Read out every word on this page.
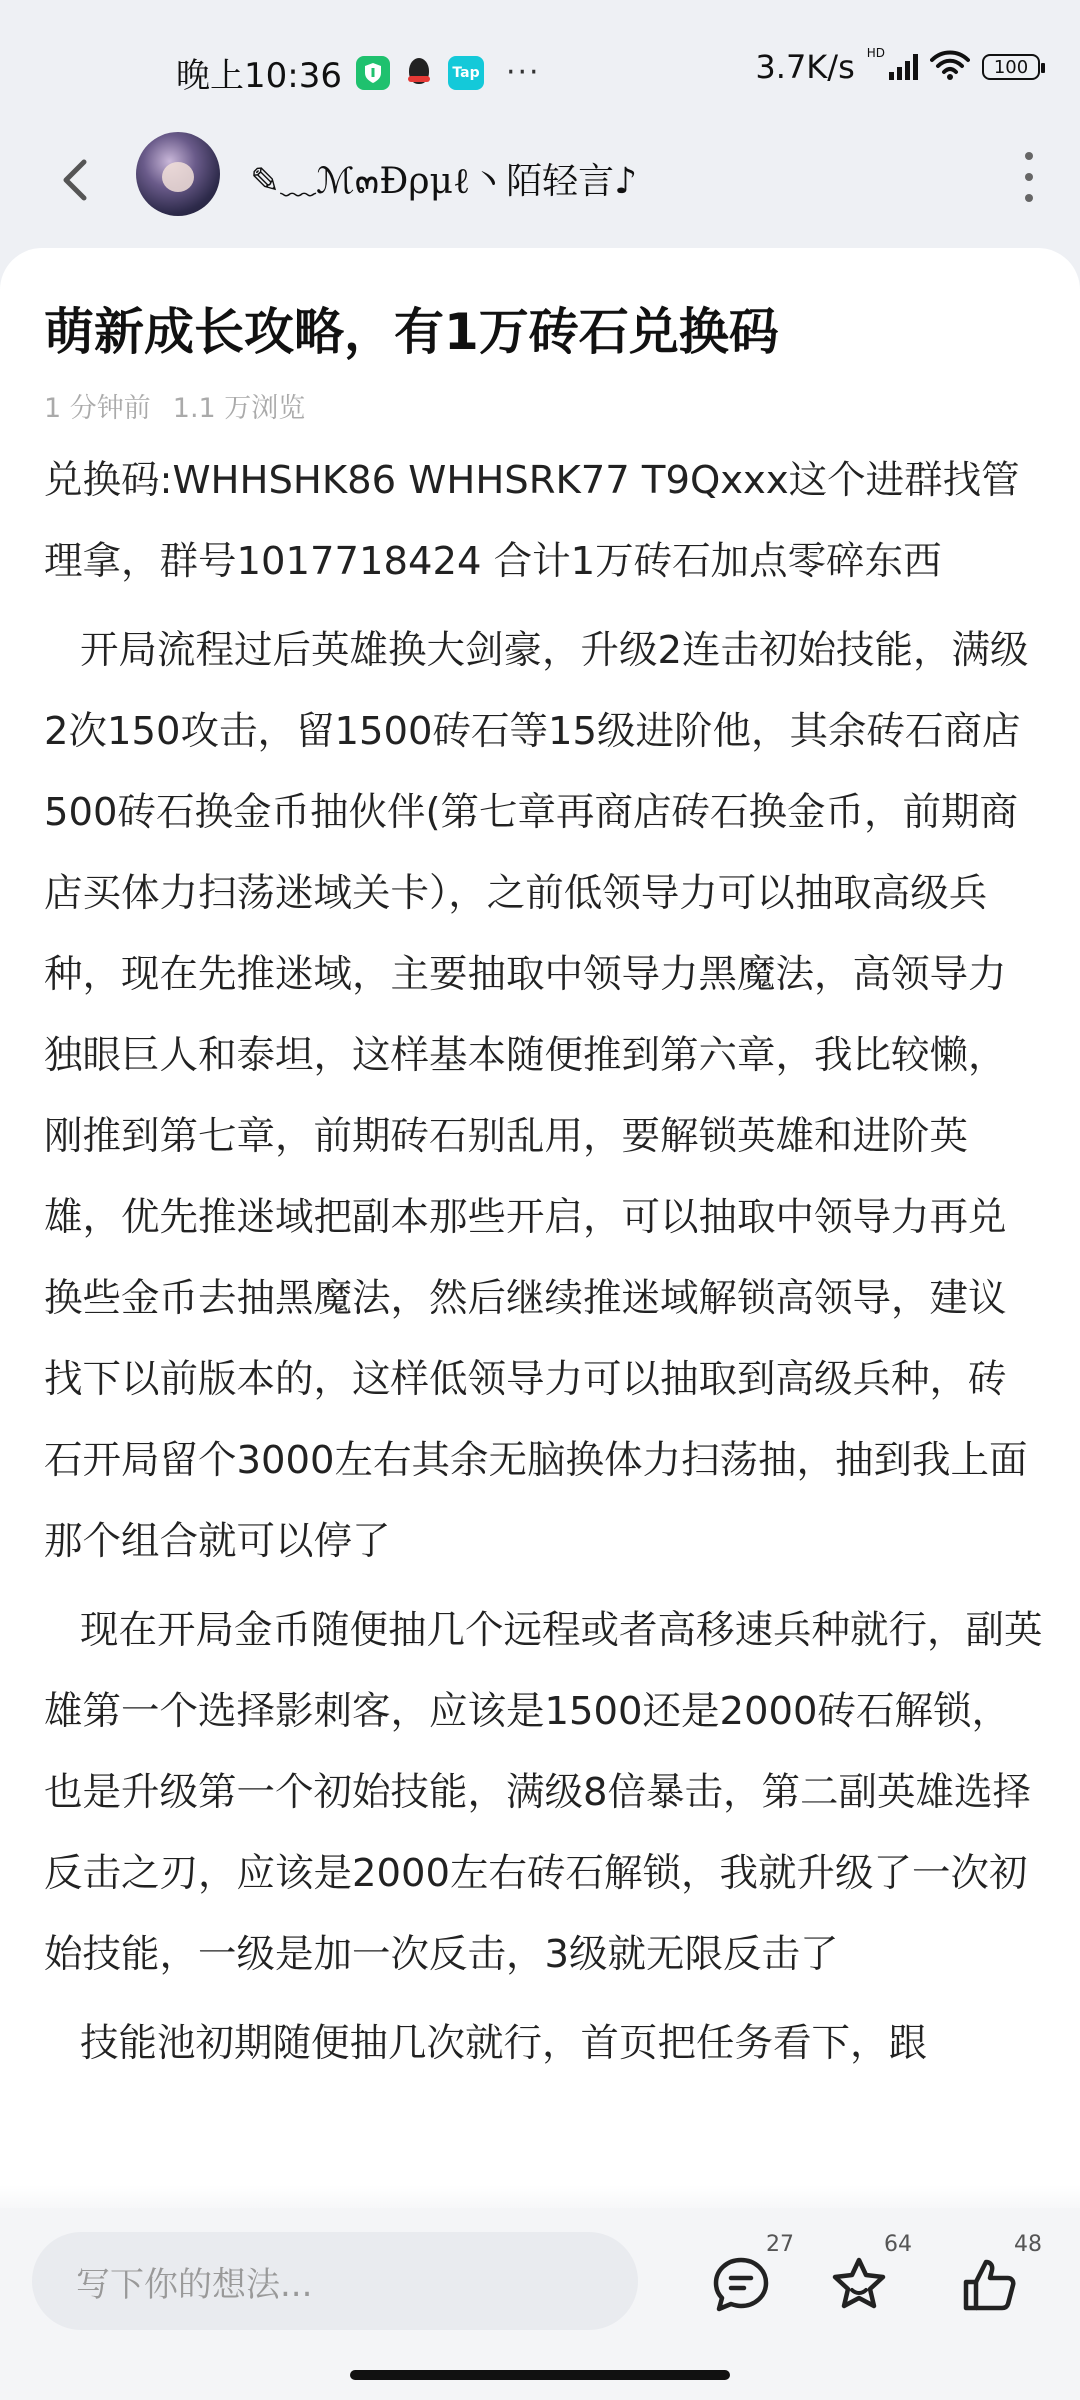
晚上10:36	Tap ···	3.7K/s HD
100
✎﹏ℳ๓Ðρμℓ丶陌轻言♪
萌新成长攻略，有1万砖石兑换码
1 分钟前 1.1 万浏览

兑换码:WHHSHK86 WHHSRK77 T9Qxxx这个进群找管理拿，群号1017718424 合计1万砖石加点零碎东西

开局流程过后英雄换大剑豪，升级2连击初始技能，满级2次150攻击，留1500砖石等15级进阶他，其余砖石商店500砖石换金币抽伙伴(第七章再商店砖石换金币，前期商店买体力扫荡迷域关卡），之前低领导力可以抽取高级兵种，现在先推迷域，主要抽取中领导力黑魔法，高领导力独眼巨人和泰坦，这样基本随便推到第六章，我比较懒，刚推到第七章，前期砖石别乱用，要解锁英雄和进阶英雄，优先推迷域把副本那些开启，可以抽取中领导力再兑换些金币去抽黑魔法，然后继续推迷域解锁高领导，建议找下以前版本的，这样低领导力可以抽取到高级兵种，砖石开局留个3000左右其余无脑换体力扫荡抽，抽到我上面那个组合就可以停了

现在开局金币随便抽几个远程或者高移速兵种就行，副英雄第一个选择影刺客，应该是1500还是2000砖石解锁，也是升级第一个初始技能，满级8倍暴击，第二副英雄选择反击之刃，应该是2000左右砖石解锁，我就升级了一次初始技能，一级是加一次反击，3级就无限反击了

技能池初期随便抽几次就行，首页把任务看下，跟

写下你的想法...
27	64	48
